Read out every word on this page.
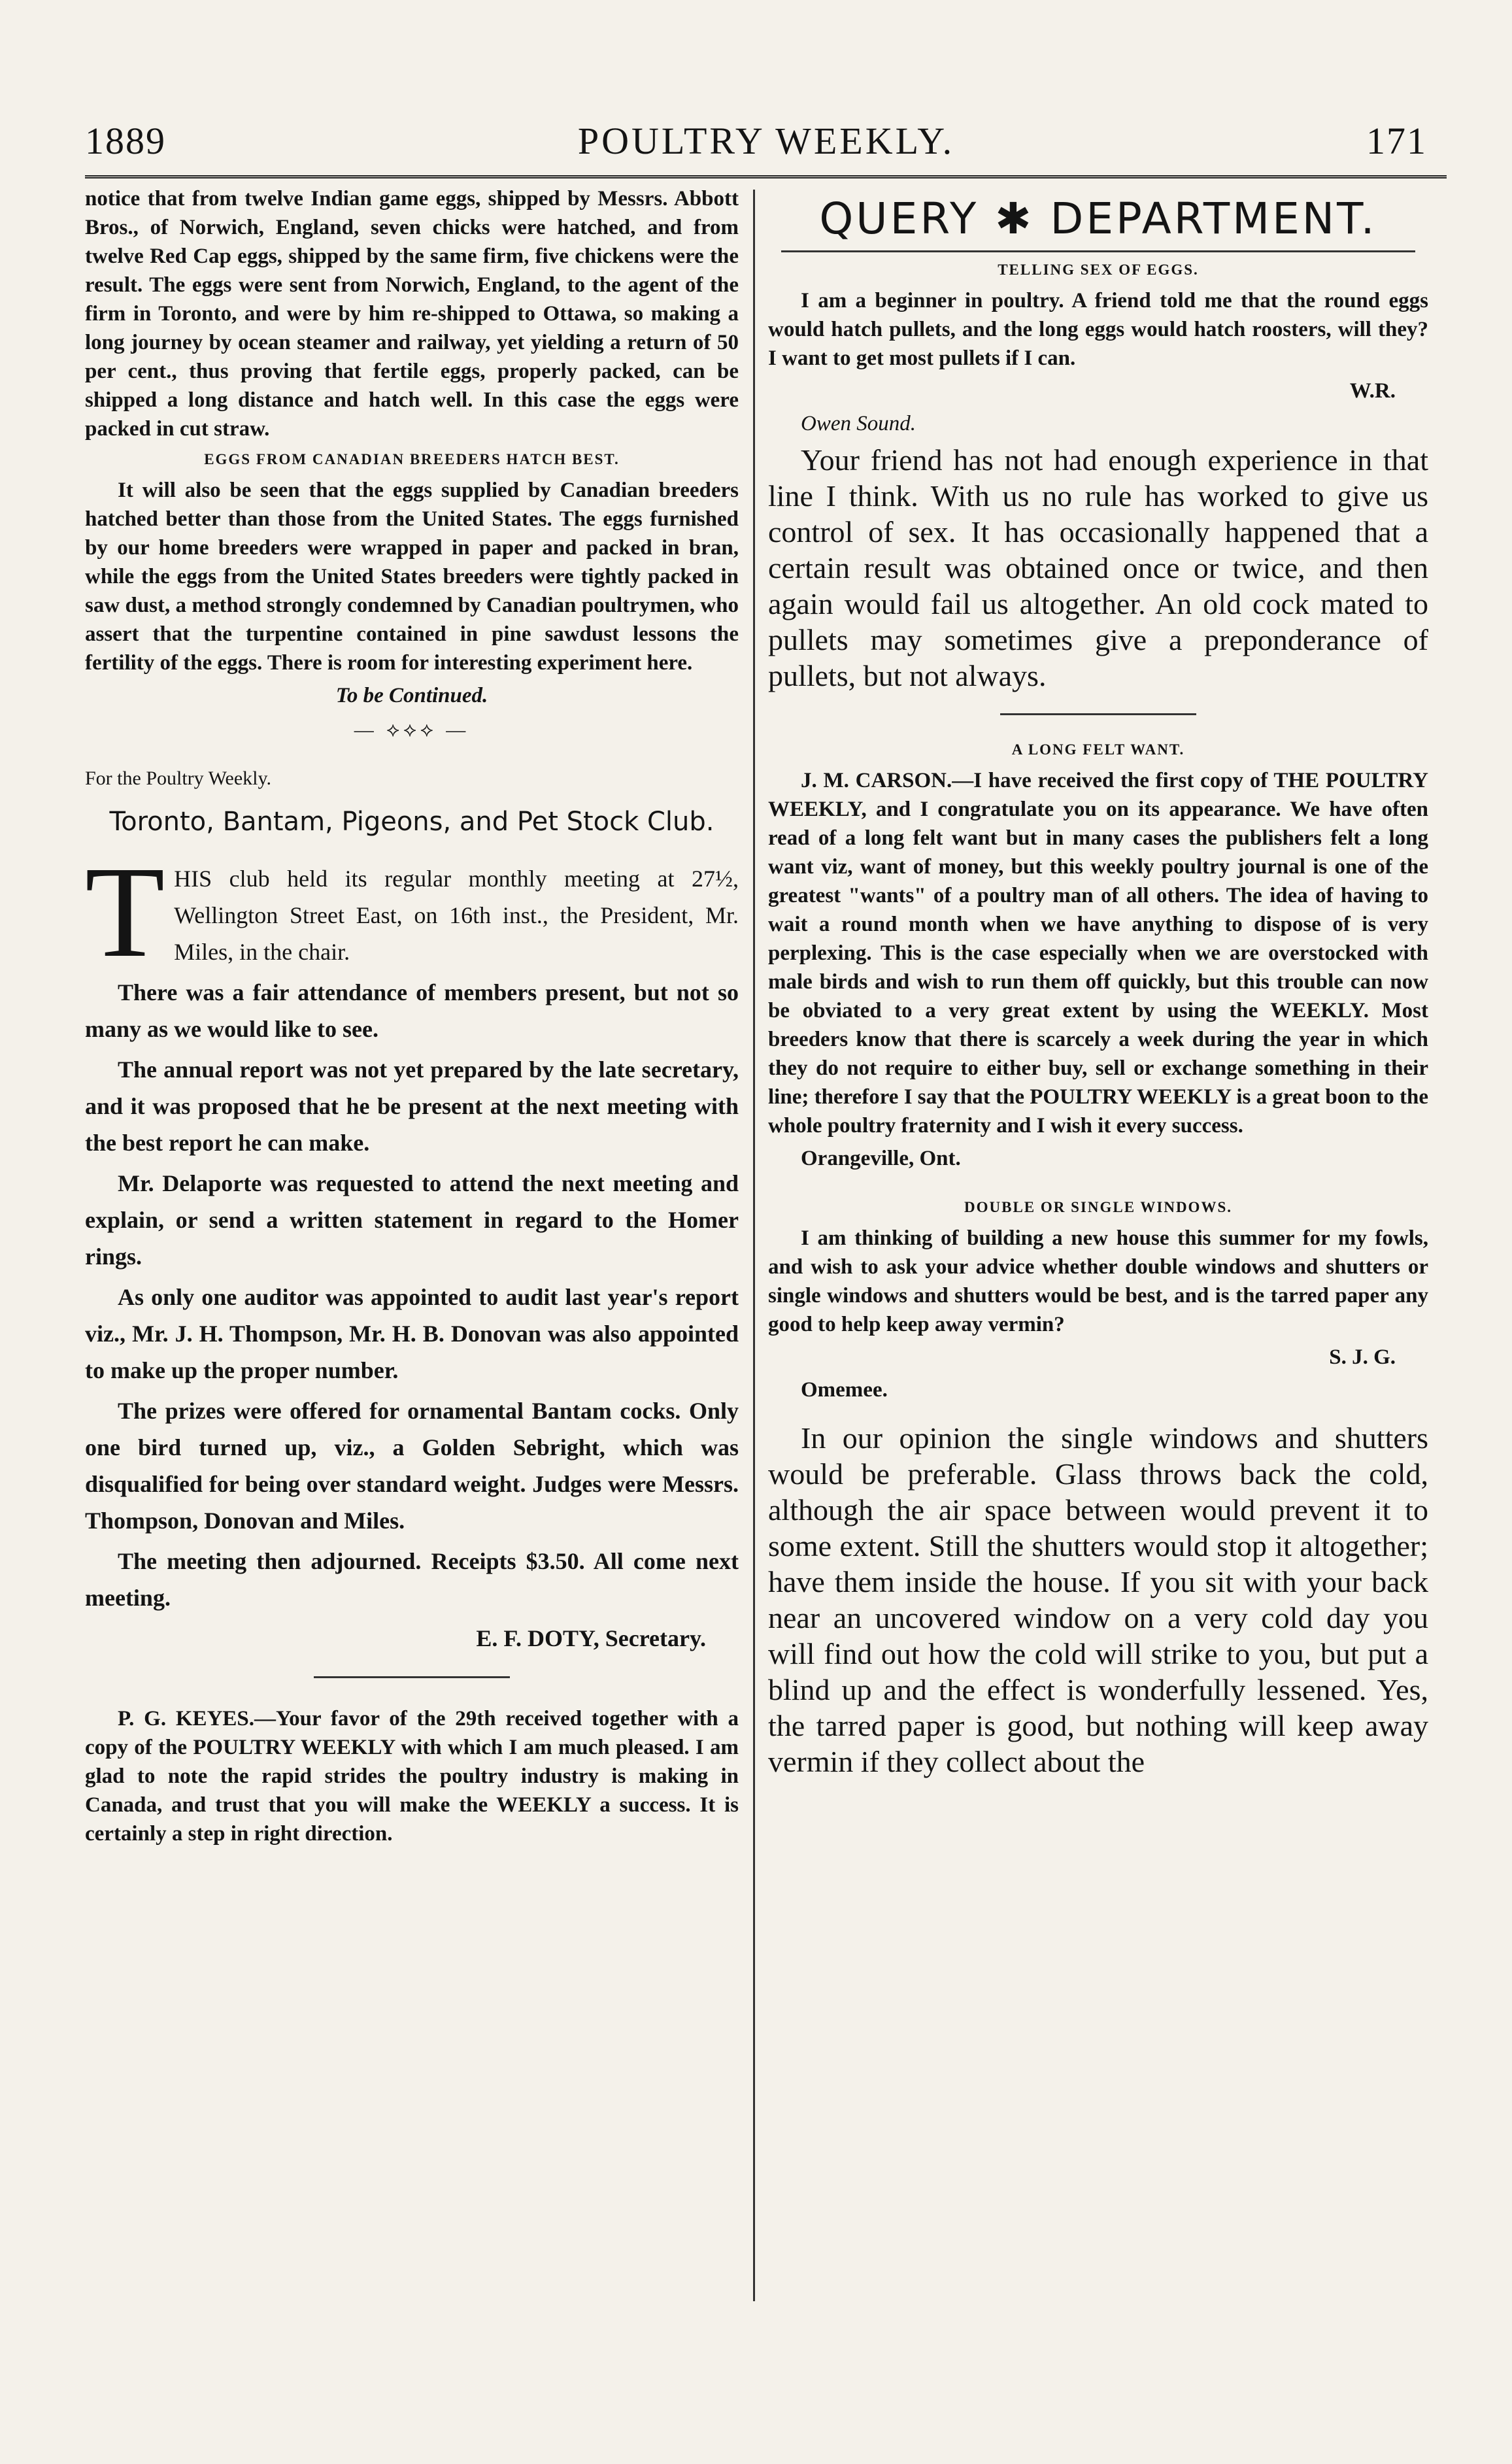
1889	POULTRY WEEKLY.	171

notice that from twelve Indian game eggs, shipped by Messrs. Abbott Bros., of Norwich, England, seven chicks were hatched, and from twelve Red Cap eggs, shipped by the same firm, five chickens were the result. The eggs were sent from Norwich, England, to the agent of the firm in Toronto, and were by him re-shipped to Ottawa, so making a long journey by ocean steamer and railway, yet yielding a return of 50 per cent., thus proving that fertile eggs, properly packed, can be shipped a long distance and hatch well. In this case the eggs were packed in cut straw.

EGGS FROM CANADIAN BREEDERS HATCH BEST.

It will also be seen that the eggs supplied by Canadian breeders hatched better than those from the United States. The eggs furnished by our home breeders were wrapped in paper and packed in bran, while the eggs from the United States breeders were tightly packed in saw dust, a method strongly condemned by Canadian poultrymen, who assert that the turpentine contained in pine sawdust lessons the fertility of the eggs. There is room for interesting experiment here.

To be Continued.

— ⟡⟡⟡ —
For the Poultry Weekly.
Toronto, Bantam, Pigeons, and Pet Stock Club.

T HIS club held its regular monthly meeting at 27½, Wellington Street East, on 16th inst., the President, Mr. Miles, in the chair.

There was a fair attendance of members present, but not so many as we would like to see.

The annual report was not yet prepared by the late secretary, and it was proposed that he be present at the next meeting with the best report he can make.

Mr. Delaporte was requested to attend the next meeting and explain, or send a written statement in regard to the Homer rings.

As only one auditor was appointed to audit last year's report viz., Mr. J. H. Thompson, Mr. H. B. Donovan was also appointed to make up the proper number.

The prizes were offered for ornamental Bantam cocks. Only one bird turned up, viz., a Golden Sebright, which was disqualified for being over standard weight. Judges were Messrs. Thompson, Donovan and Miles.

The meeting then adjourned. Receipts $3.50. All come next meeting.

E. F. DOTY, Secretary.

P. G. KEYES.—Your favor of the 29th received together with a copy of the POULTRY WEEKLY with which I am much pleased. I am glad to note the rapid strides the poultry industry is making in Canada, and trust that you will make the WEEKLY a success. It is certainly a step in right direction.

QUERY ✱ DEPARTMENT.
TELLING SEX OF EGGS.

I am a beginner in poultry. A friend told me that the round eggs would hatch pullets, and the long eggs would hatch roosters, will they? I want to get most pullets if I can.

W.R.

Owen Sound.

Your friend has not had enough experience in that line I think. With us no rule has worked to give us control of sex. It has occasionally happened that a certain result was obtained once or twice, and then again would fail us altogether. An old cock mated to pullets may sometimes give a preponderance of pullets, but not always.

A LONG FELT WANT.

J. M. CARSON.—I have received the first copy of THE POULTRY WEEKLY, and I congratulate you on its appearance. We have often read of a long felt want but in many cases the publishers felt a long want viz, want of money, but this weekly poultry journal is one of the greatest "wants" of a poultry man of all others. The idea of having to wait a round month when we have anything to dispose of is very perplexing. This is the case especially when we are overstocked with male birds and wish to run them off quickly, but this trouble can now be obviated to a very great extent by using the WEEKLY. Most breeders know that there is scarcely a week during the year in which they do not require to either buy, sell or exchange something in their line; therefore I say that the POULTRY WEEKLY is a great boon to the whole poultry fraternity and I wish it every success.

Orangeville, Ont.

DOUBLE OR SINGLE WINDOWS.

I am thinking of building a new house this summer for my fowls, and wish to ask your advice whether double windows and shutters or single windows and shutters would be best, and is the tarred paper any good to help keep away vermin?

S. J. G.

Omemee.

In our opinion the single windows and shutters would be preferable. Glass throws back the cold, although the air space between would prevent it to some extent. Still the shutters would stop it altogether; have them inside the house. If you sit with your back near an uncovered window on a very cold day you will find out how the cold will strike to you, but put a blind up and the effect is wonderfully lessened. Yes, the tarred paper is good, but nothing will keep away vermin if they collect about the
